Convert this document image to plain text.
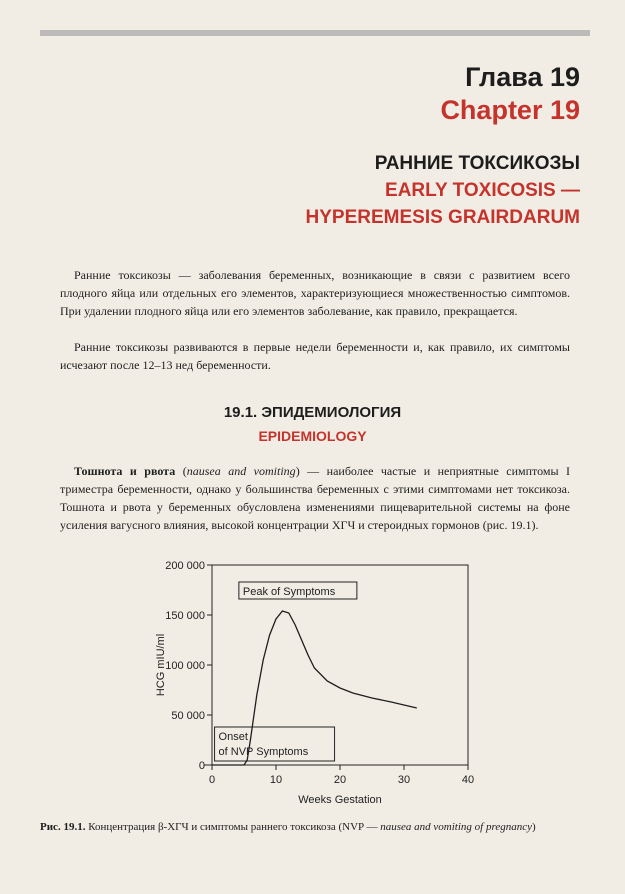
Глава 19
Chapter 19
РАННИЕ ТОКСИКОЗЫ
EARLY TOXICOSIS —
HYPEREMESIS GRAIRDARUM

Ранние токсикозы — заболевания беременных, возникающие в связи с развитием всего плодного яйца или отдельных его элементов, характеризующиеся множественностью симптомов. При удалении плодного яйца или его элементов заболевание, как правило, прекращается.

Ранние токсикозы развиваются в первые недели беременности и, как правило, их симптомы исчезают после 12–13 нед беременности.

19.1. ЭПИДЕМИОЛОГИЯ
EPIDEMIOLOGY

Тошнота и рвота (nausea and vomiting) — наиболее частые и неприятные симптомы I триместра беременности, однако у большинства беременных с этими симптомами нет токсикоза. Тошнота и рвота у беременных обусловлена изменениями пищеварительной системы на фоне усиления вагусного влияния, высокой концентрации ХГЧ и стероидных гормонов (рис. 19.1).

0
50 000
100 000
150 000
200 000
0	10	20	30	40
Peak of Symptoms
Onset
of NVP Symptoms
HCG mIU/ml
Weeks Gestation

Рис. 19.1. Концентрация β-ХГЧ и симптомы раннего токсикоза (NVP — nausea and vomiting of pregnancy)
